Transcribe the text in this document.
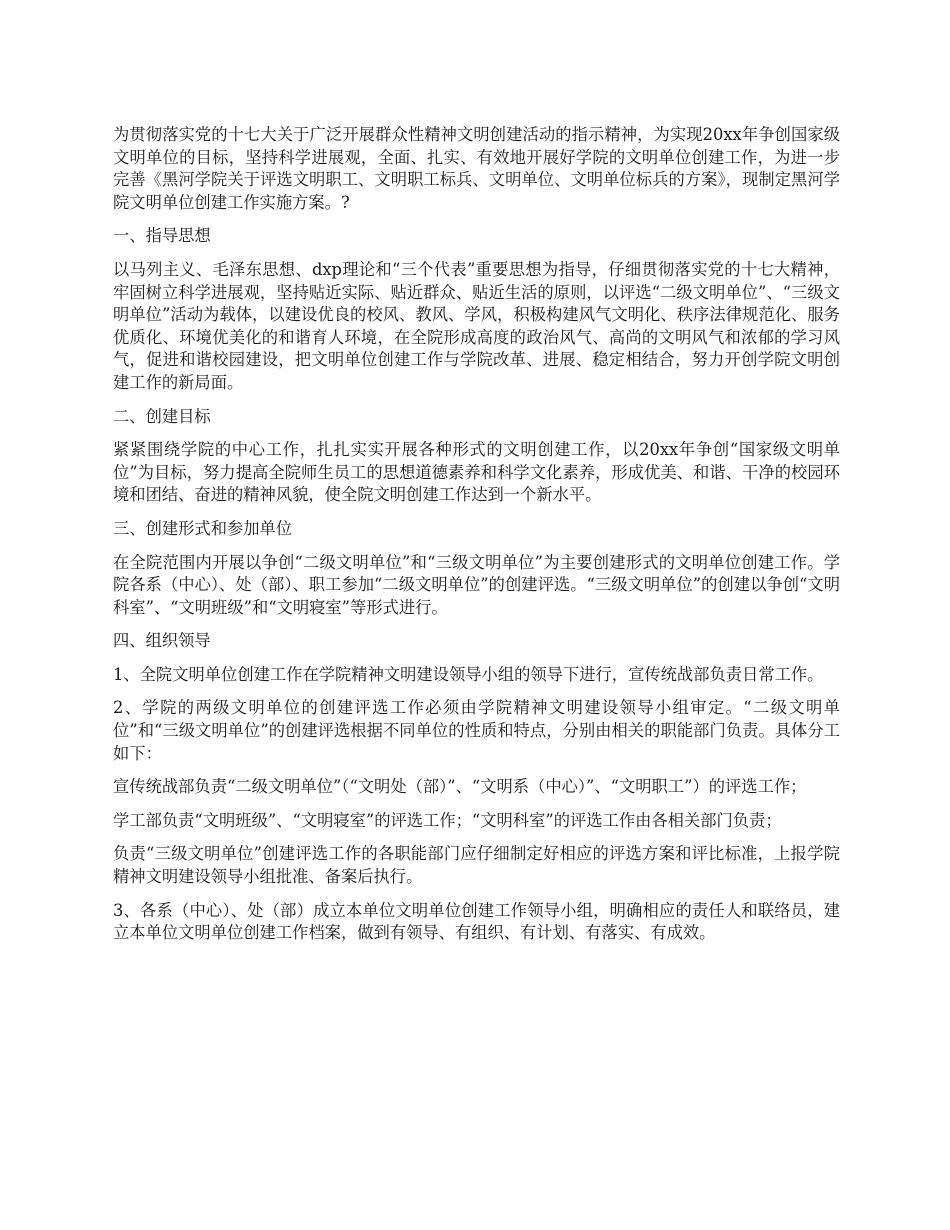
为贯彻落实党的十七大关于广泛开展群众性精神文明创建活动的指示精神，为实现20xx年争创国家级文明单位的目标，坚持科学进展观，全面、扎实、有效地开展好学院的文明单位创建工作，为进一步完善《黑河学院关于评选文明职工、文明职工标兵、文明单位、文明单位标兵的方案》，现制定黑河学院文明单位创建工作实施方案。?

一、指导思想

以马列主义、毛泽东思想、dxp理论和“三个代表”重要思想为指导，仔细贯彻落实党的十七大精神，牢固树立科学进展观，坚持贴近实际、贴近群众、贴近生活的原则，以评选“二级文明单位”、“三级文明单位”活动为载体，以建设优良的校风、教风、学风，积极构建风气文明化、秩序法律规范化、服务优质化、环境优美化的和谐育人环境，在全院形成高度的政治风气、高尚的文明风气和浓郁的学习风气，促进和谐校园建设，把文明单位创建工作与学院改革、进展、稳定相结合，努力开创学院文明创建工作的新局面。

二、创建目标

紧紧围绕学院的中心工作，扎扎实实开展各种形式的文明创建工作，以20xx年争创“国家级文明单位”为目标，努力提高全院师生员工的思想道德素养和科学文化素养，形成优美、和谐、干净的校园环境和团结、奋进的精神风貌，使全院文明创建工作达到一个新水平。

三、创建形式和参加单位

在全院范围内开展以争创“二级文明单位”和“三级文明单位”为主要创建形式的文明单位创建工作。学院各系（中心）、处（部）、职工参加“二级文明单位”的创建评选。“三级文明单位”的创建以争创“文明科室”、“文明班级”和“文明寝室”等形式进行。

四、组织领导

1、全院文明单位创建工作在学院精神文明建设领导小组的领导下进行，宣传统战部负责日常工作。

2、学院的两级文明单位的创建评选工作必须由学院精神文明建设领导小组审定。“二级文明单位”和“三级文明单位”的创建评选根据不同单位的性质和特点，分别由相关的职能部门负责。具体分工如下：

宣传统战部负责“二级文明单位”（“文明处（部）”、“文明系（中心）”、“文明职工”）的评选工作；

学工部负责“文明班级”、“文明寝室”的评选工作；“文明科室”的评选工作由各相关部门负责；

负责“三级文明单位”创建评选工作的各职能部门应仔细制定好相应的评选方案和评比标准，上报学院精神文明建设领导小组批准、备案后执行。

3、各系（中心）、处（部）成立本单位文明单位创建工作领导小组，明确相应的责任人和联络员，建立本单位文明单位创建工作档案，做到有领导、有组织、有计划、有落实、有成效。
